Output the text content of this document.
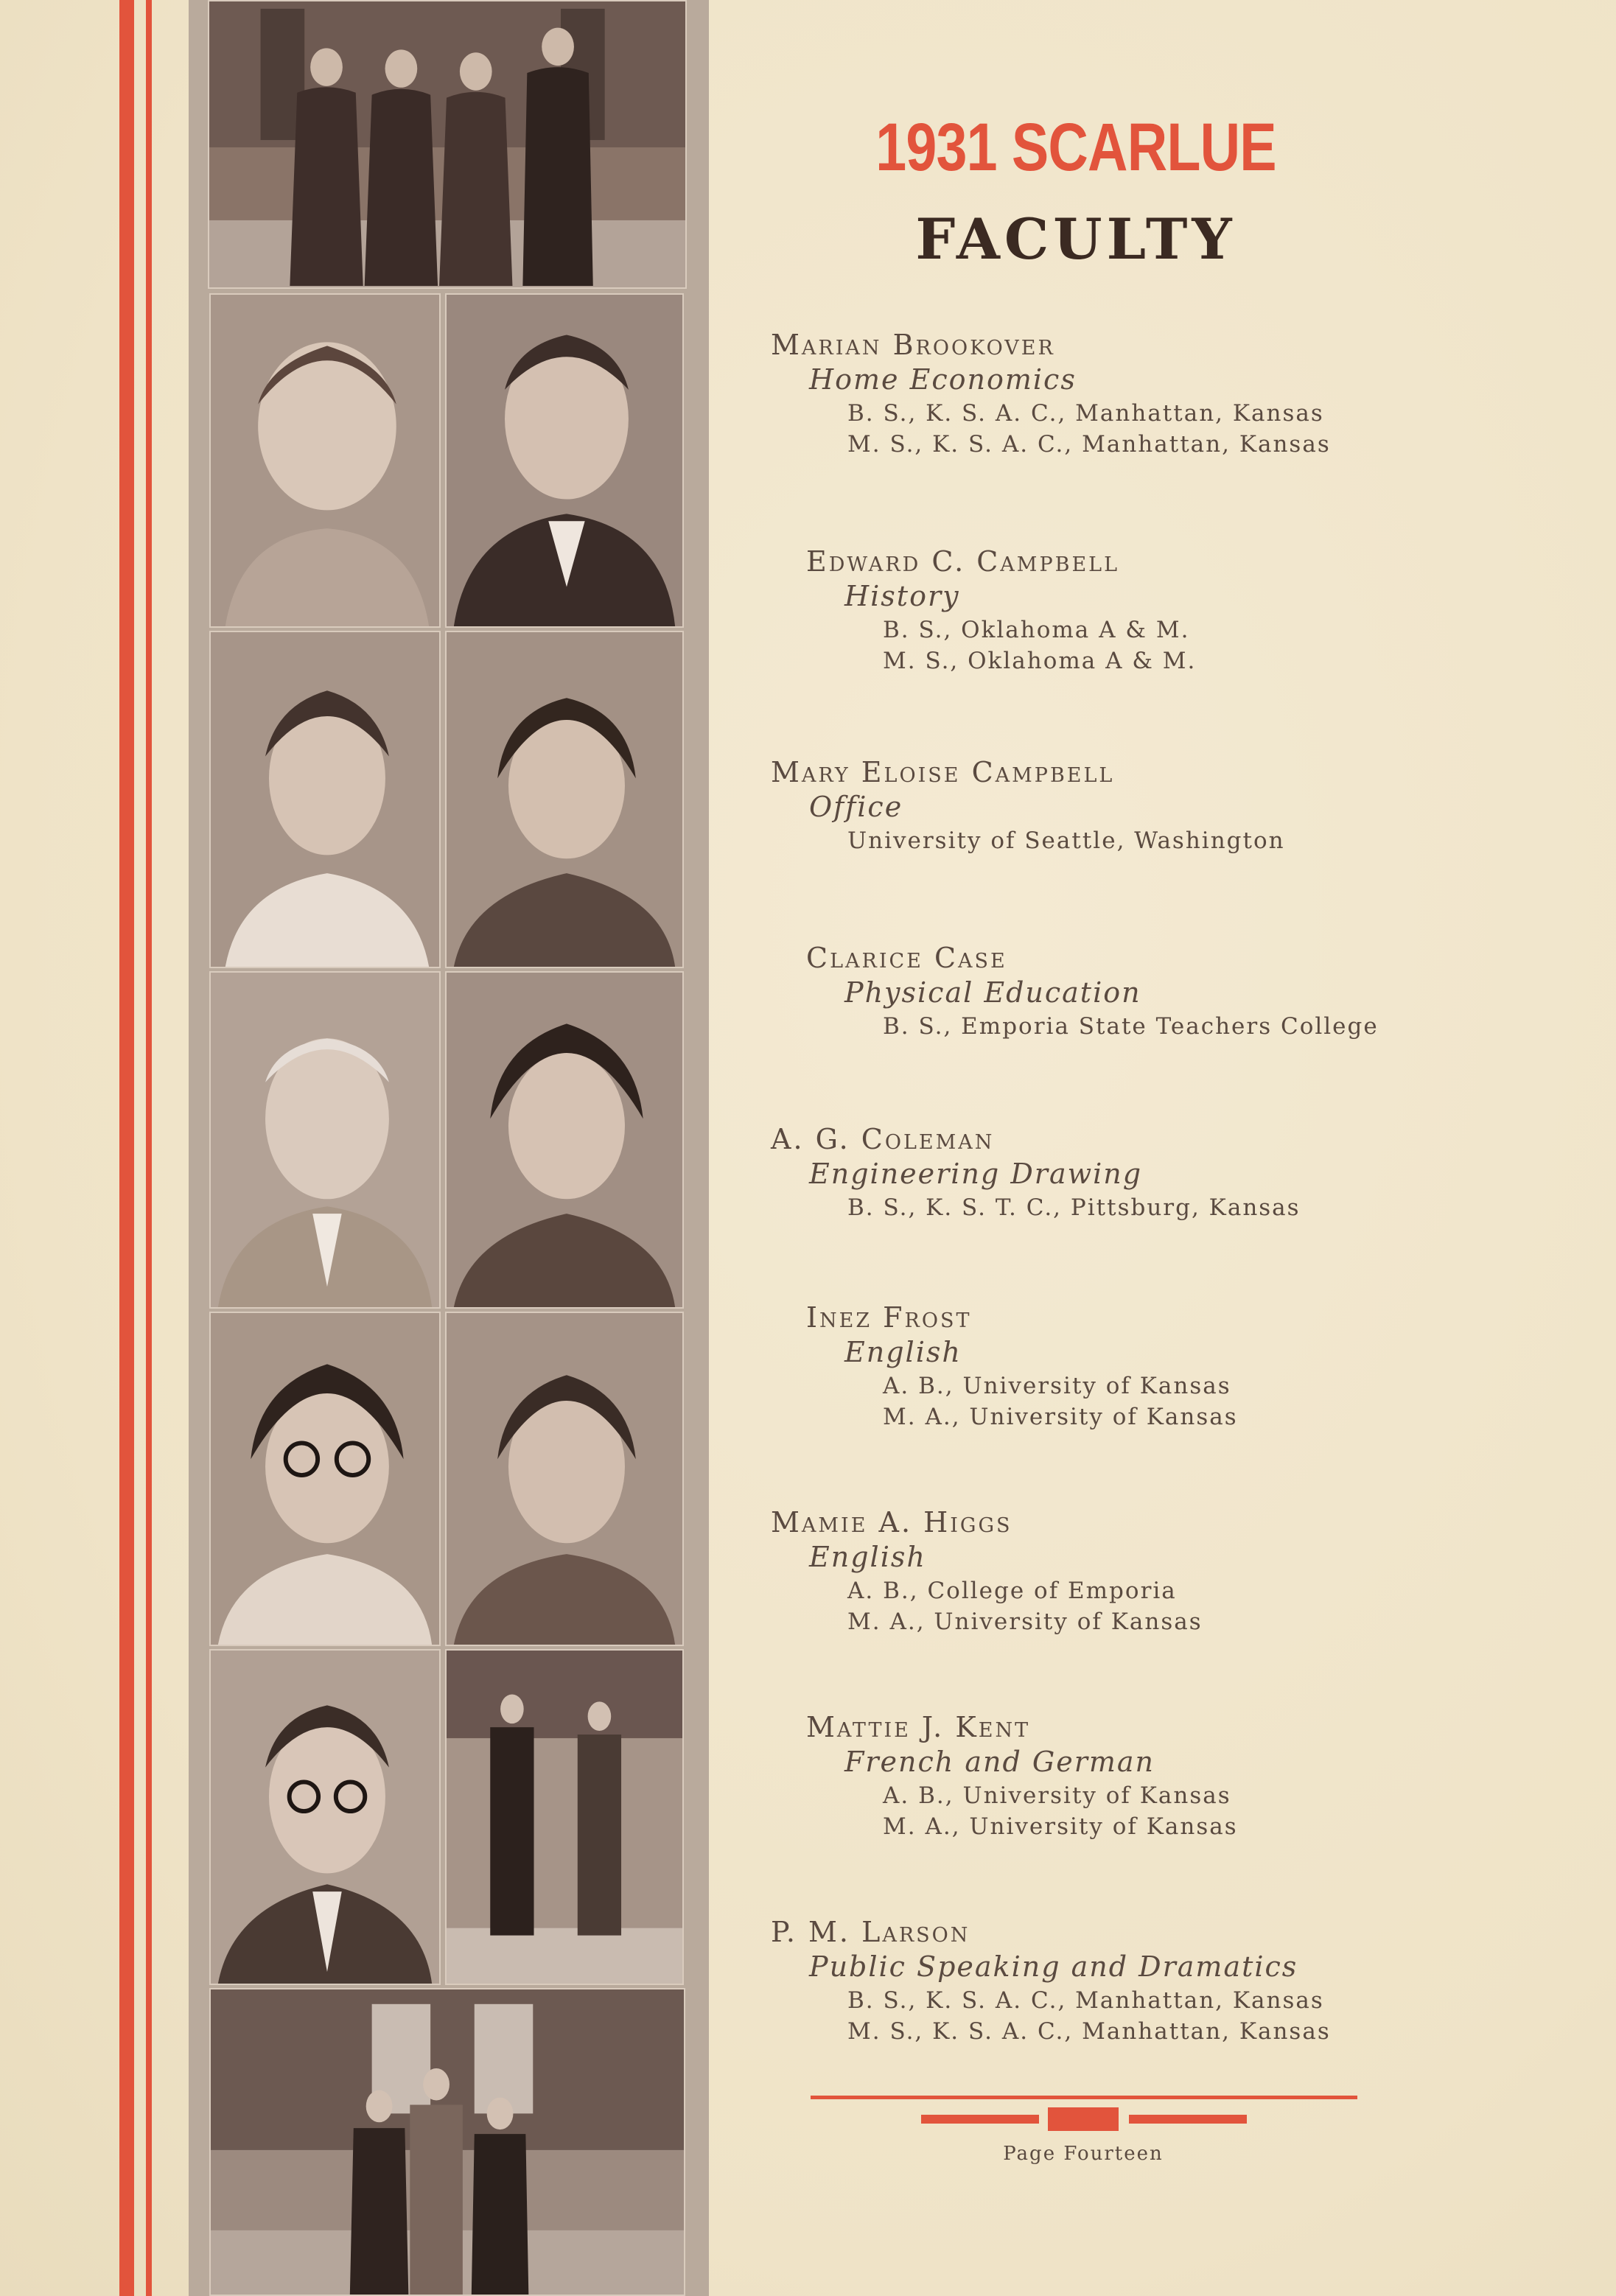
1931 SCARLUE
FACULTY
Marian Brookover
Home Economics
B. S., K. S. A. C., Manhattan, Kansas
M. S., K. S. A. C., Manhattan, Kansas
Edward C. Campbell
History
B. S., Oklahoma A & M.
M. S., Oklahoma A & M.
Mary Eloise Campbell
Office
University of Seattle, Washington
Clarice Case
Physical Education
B. S., Emporia State Teachers College
A. G. Coleman
Engineering Drawing
B. S., K. S. T. C., Pittsburg, Kansas
Inez Frost
English
A. B., University of Kansas
M. A., University of Kansas
Mamie A. Higgs
English
A. B., College of Emporia
M. A., University of Kansas
Mattie J. Kent
French and German
A. B., University of Kansas
M. A., University of Kansas
P. M. Larson
Public Speaking and Dramatics
B. S., K. S. A. C., Manhattan, Kansas
M. S., K. S. A. C., Manhattan, Kansas
Page Fourteen
